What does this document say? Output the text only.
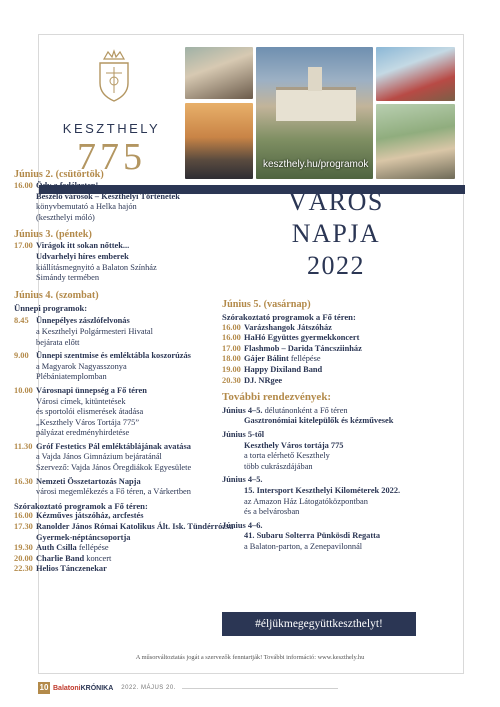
KESZTHELY
775	keszthely.hu/programok
Június 2. (csütörtök)
16.00 Ödv a fedélzeten!
Beszélő városok – Keszthelyi Történetek
könyvbemutató a Helka hajón
(keszthelyi móló)
Június 3. (péntek)
17.00 Virágok itt sokan nőttek...
Udvarhelyi híres emberek
kiállításmegnyitó a Balaton Színház
Simándy termében
Június 4. (szombat)
Ünnepi programok:
8.45 Ünnepélyes zászlófelvonás
a Keszthelyi Polgármesteri Hivatal
bejárata előtt
9.00 Ünnepi szentmise és emléktábla koszorúzás
a Magyarok Nagyasszonya
Plébániatemplomban
10.00 Városnapi ünnepség a Fő téren
Városi címek, kitüntetések
és sportolói elismerések átadása
„Keszthely Város Tortája 775”
pályázat eredményhirdetése
11.30 Gróf Festetics Pál emléktáblájának avatása
a Vajda János Gimnázium bejáratánál
Szervező: Vajda János Öregdiákok Egyesülete
16.30 Nemzeti Összetartozás Napja
városi megemlékezés a Fő téren, a Várkertben
Szórakoztató programok a Fő téren:
16.00 Kézműves játszóház, arcfestés
17.30 Ranolder János Római Katolikus Ált. Isk. Tündérrózsa Gyermek-néptáncsoportja
19.30 Auth Csilla fellépése
20.00 Charlie Band koncert
22.30 Helios Tánczenekar
VÁROS
NAPJA
2022
Június 5. (vasárnap)
Szórakoztató programok a Fő téren:
16.00 Varázshangok Játszóház
16.00 HaHó Együttes gyermekkoncert
17.00 Flashmob – Darida Táncsziinház
18.00 Gájer Bálint fellépése
19.00 Happy Dixiland Band
20.30 DJ. NRgee
További rendezvények:
Június 4–5. délutánonként a Fő téren
Gasztronómiai kitelepülők és kézművesek
Június 5-től
Keszthely Város tortája 775
a torta elérhető Keszthely
több cukrászdájában
Június 4–5.
15. Intersport Keszthelyi Kilométerek 2022.
az Amazon Ház Látogatóközpontban
és a belvárosban
Június 4–6.
41. Subaru Solterra Pünkösdi Regatta
a Balaton-parton, a Zenepavilonnál
#éljükmegegyüttkeszthelyt!
A műsorváltoztatás jogát a szervezők fenntartják! További információ: www.keszthely.hu
10 BalatoniKRÓNIKA 2022. MÁJUS 20.
